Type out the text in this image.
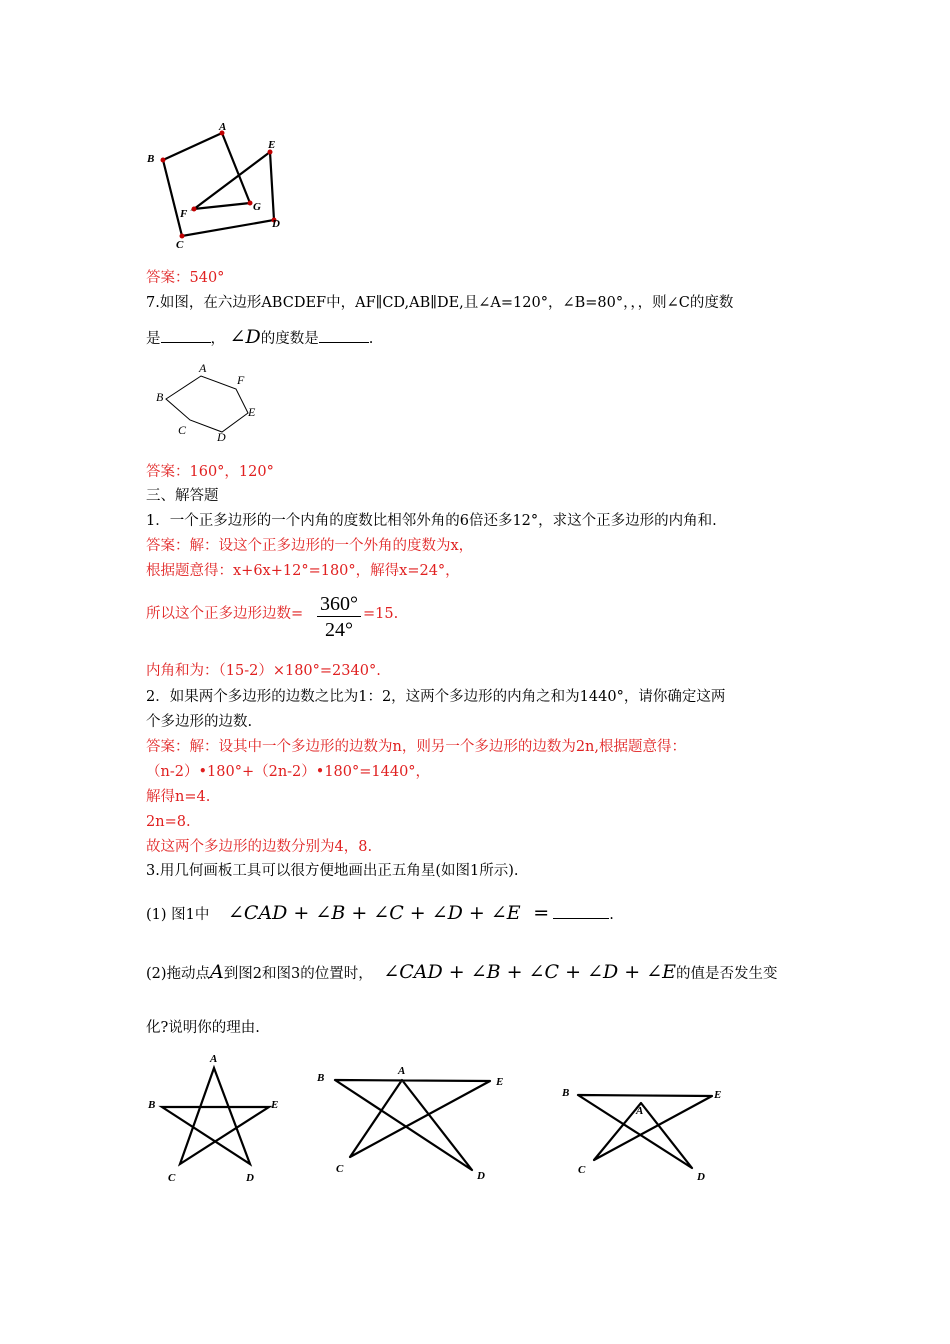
A
B
C
D
E
F
G
答案：540°
7.如图，在六边形ABCDEF中，AF∥CD,AB∥DE,且∠A=120°，∠B=80°，，，则∠C的度数
是	， ∠D的度数是	.
A
B
C	D
E
F
答案：160°，120°
三、解答题
1．一个正多边形的一个内角的度数比相邻外角的6倍还多12°，求这个正多边形的内角和.
答案：解：设这个正多边形的一个外角的度数为x，
根据题意得：x+6x+12°=180°，解得x=24°，
所以这个正多边形边数= 360°
24°
=15.
内角和为：（15-2）×180°=2340°.
2．如果两个多边形的边数之比为1：2，这两个多边形的内角之和为1440°，请你确定这两
个多边形的边数.
答案：解：设其中一个多边形的边数为n，则另一个多边形的边数为2n,根据题意得：
（n-2）•180°+（2n-2）•180°=1440°，
解得n=4.
2n=8.
故这两个多边形的边数分别为4，8.
3.用几何画板工具可以很方便地画出正五角星(如图1所示).
(1) 图1中 ∠CAD + ∠B + ∠C + ∠D + ∠E =	.
(2)拖动点A到图2和图3的位置时， ∠CAD + ∠B + ∠C + ∠D + ∠E的值是否发生变
化?说明你的理由.
A
B
C	D
E
A
B
C
D
E
A
B
C
D
E
